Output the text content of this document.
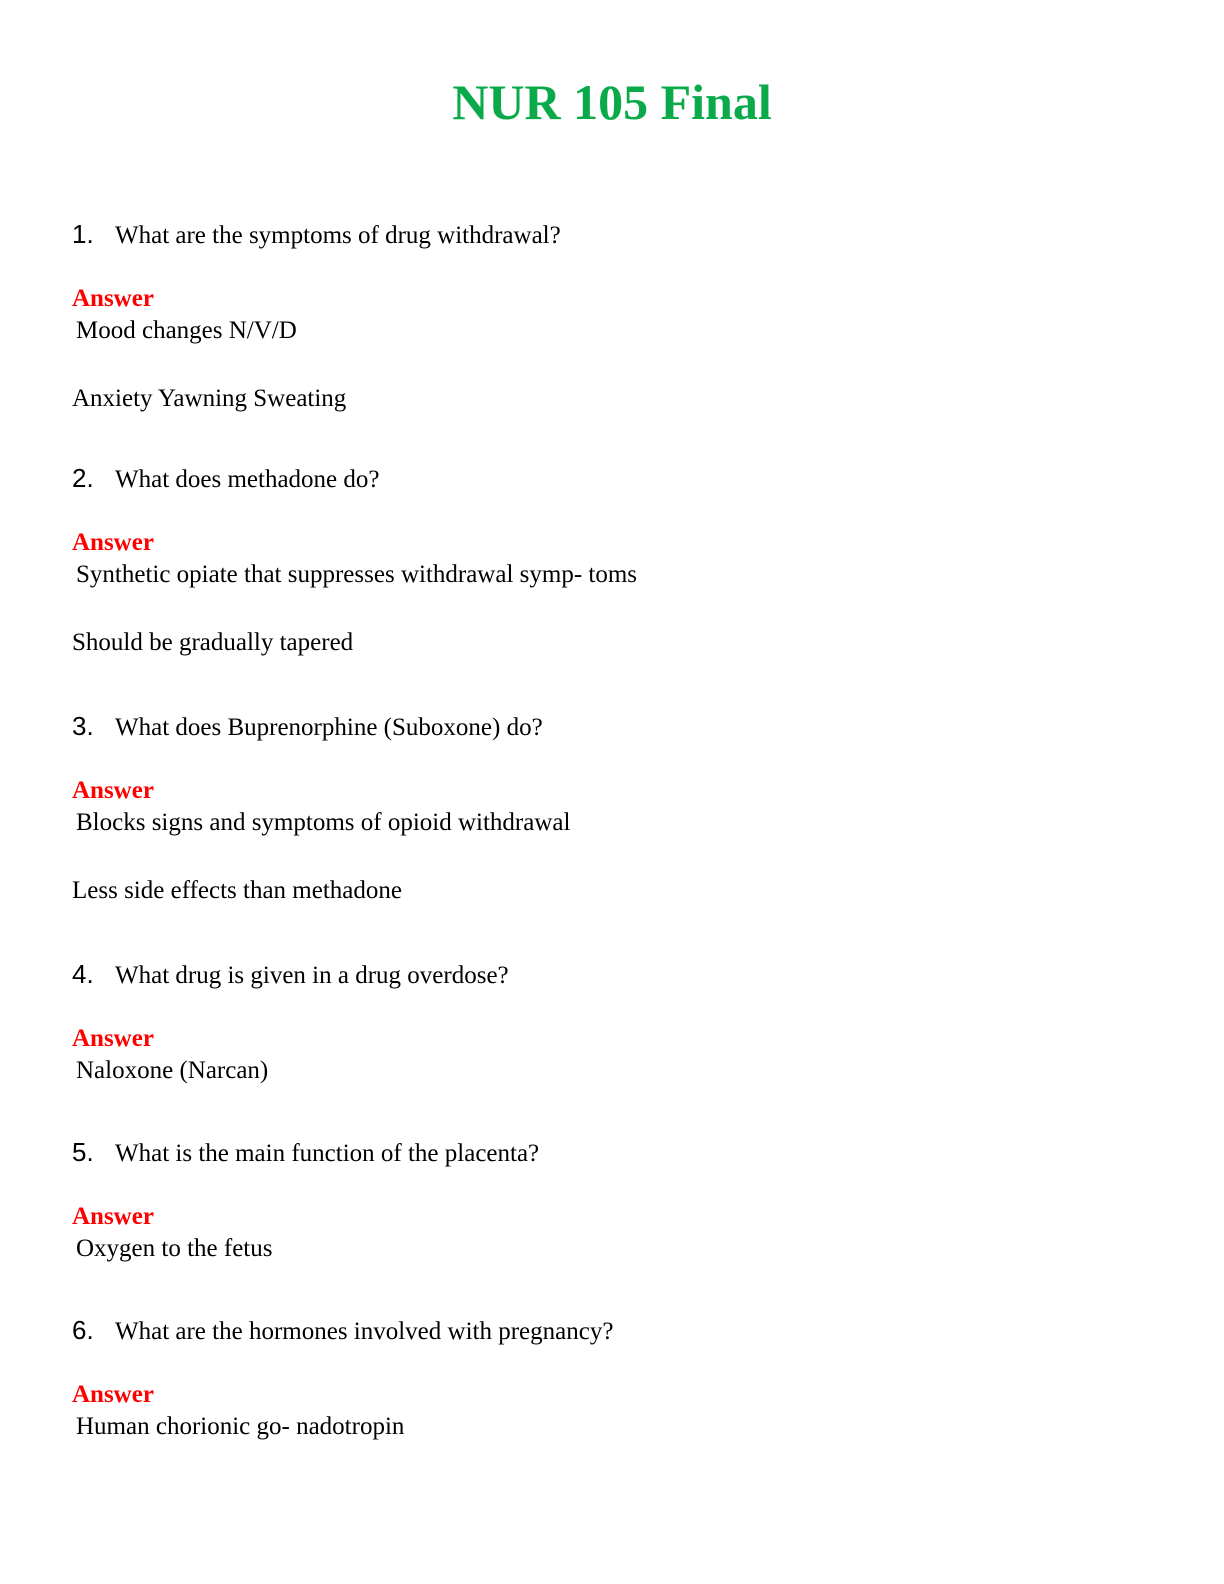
NUR 105 Final
1. What are the symptoms of drug withdrawal?
Answer
Mood changes N/V/D
Anxiety Yawning Sweating
2. What does methadone do?
Answer
Synthetic opiate that suppresses withdrawal symp- toms
Should be gradually tapered
3. What does Buprenorphine (Suboxone) do?
Answer
Blocks signs and symptoms of opioid withdrawal
Less side effects than methadone
4. What drug is given in a drug overdose?
Answer
Naloxone (Narcan)
5. What is the main function of the placenta?
Answer
Oxygen to the fetus
6. What are the hormones involved with pregnancy?
Answer
Human chorionic go- nadotropin
